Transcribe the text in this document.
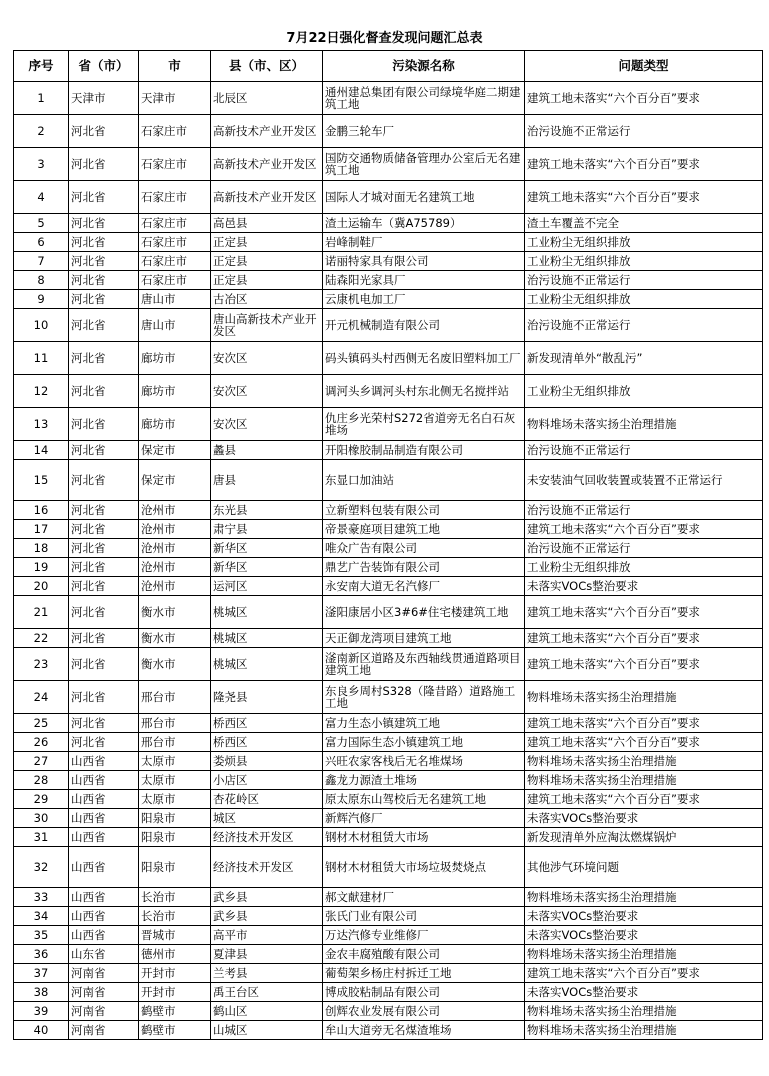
7月22日强化督查发现问题汇总表
序号	省（市）	市	县（市、区）	污染源名称	问题类型
1	天津市	天津市	北辰区	通州建总集团有限公司绿境华庭二期建筑工地	建筑工地未落实“六个百分百”要求
2	河北省	石家庄市	高新技术产业开发区	金鹏三轮车厂	治污设施不正常运行
3	河北省	石家庄市	高新技术产业开发区	国防交通物质储备管理办公室后无名建筑工地	建筑工地未落实“六个百分百”要求
4	河北省	石家庄市	高新技术产业开发区	国际人才城对面无名建筑工地	建筑工地未落实“六个百分百”要求
5	河北省	石家庄市	高邑县	渣土运输车（冀A75789）	渣土车覆盖不完全
6	河北省	石家庄市	正定县	岩峰制鞋厂	工业粉尘无组织排放
7	河北省	石家庄市	正定县	诺丽特家具有限公司	工业粉尘无组织排放
8	河北省	石家庄市	正定县	陆森阳光家具厂	治污设施不正常运行
9	河北省	唐山市	古冶区	云康机电加工厂	工业粉尘无组织排放
10	河北省	唐山市	唐山高新技术产业开发区	开元机械制造有限公司	治污设施不正常运行
11	河北省	廊坊市	安次区	码头镇码头村西侧无名废旧塑料加工厂	新发现清单外“散乱污”
12	河北省	廊坊市	安次区	调河头乡调河头村东北侧无名搅拌站	工业粉尘无组织排放
13	河北省	廊坊市	安次区	仇庄乡光荣村S272省道旁无名白石灰堆场	物料堆场未落实扬尘治理措施
14	河北省	保定市	蠡县	开阳橡胶制品制造有限公司	治污设施不正常运行
15	河北省	保定市	唐县	东显口加油站	未安装油气回收装置或装置不正常运行
16	河北省	沧州市	东光县	立新塑料包装有限公司	治污设施不正常运行
17	河北省	沧州市	肃宁县	帝景豪庭项目建筑工地	建筑工地未落实“六个百分百”要求
18	河北省	沧州市	新华区	唯众广告有限公司	治污设施不正常运行
19	河北省	沧州市	新华区	鼎艺广告装饰有限公司	工业粉尘无组织排放
20	河北省	沧州市	运河区	永安南大道无名汽修厂	未落实VOCs整治要求
21	河北省	衡水市	桃城区	滏阳康居小区3#6#住宅楼建筑工地	建筑工地未落实“六个百分百”要求
22	河北省	衡水市	桃城区	天正御龙湾项目建筑工地	建筑工地未落实“六个百分百”要求
23	河北省	衡水市	桃城区	滏南新区道路及东西轴线贯通道路项目建筑工地	建筑工地未落实“六个百分百”要求
24	河北省	邢台市	隆尧县	东良乡周村S328（隆昔路）道路施工工地	物料堆场未落实扬尘治理措施
25	河北省	邢台市	桥西区	富力生态小镇建筑工地	建筑工地未落实“六个百分百”要求
26	河北省	邢台市	桥西区	富力国际生态小镇建筑工地	建筑工地未落实“六个百分百”要求
27	山西省	太原市	娄烦县	兴旺农家客栈后无名堆煤场	物料堆场未落实扬尘治理措施
28	山西省	太原市	小店区	鑫龙力源渣土堆场	物料堆场未落实扬尘治理措施
29	山西省	太原市	杏花岭区	原太原东山驾校后无名建筑工地	建筑工地未落实“六个百分百”要求
30	山西省	阳泉市	城区	新辉汽修厂	未落实VOCs整治要求
31	山西省	阳泉市	经济技术开发区	钢材木材租赁大市场	新发现清单外应淘汰燃煤锅炉
32	山西省	阳泉市	经济技术开发区	钢材木材租赁大市场垃圾焚烧点	其他涉气环境问题
33	山西省	长治市	武乡县	郝文献建材厂	物料堆场未落实扬尘治理措施
34	山西省	长治市	武乡县	张氏门业有限公司	未落实VOCs整治要求
35	山西省	晋城市	高平市	万达汽修专业维修厂	未落实VOCs整治要求
36	山东省	德州市	夏津县	金农丰腐殖酸有限公司	物料堆场未落实扬尘治理措施
37	河南省	开封市	兰考县	葡萄架乡杨庄村拆迁工地	建筑工地未落实“六个百分百”要求
38	河南省	开封市	禹王台区	博成胶粘制品有限公司	未落实VOCs整治要求
39	河南省	鹤壁市	鹤山区	创辉农业发展有限公司	物料堆场未落实扬尘治理措施
40	河南省	鹤壁市	山城区	牟山大道旁无名煤渣堆场	物料堆场未落实扬尘治理措施
